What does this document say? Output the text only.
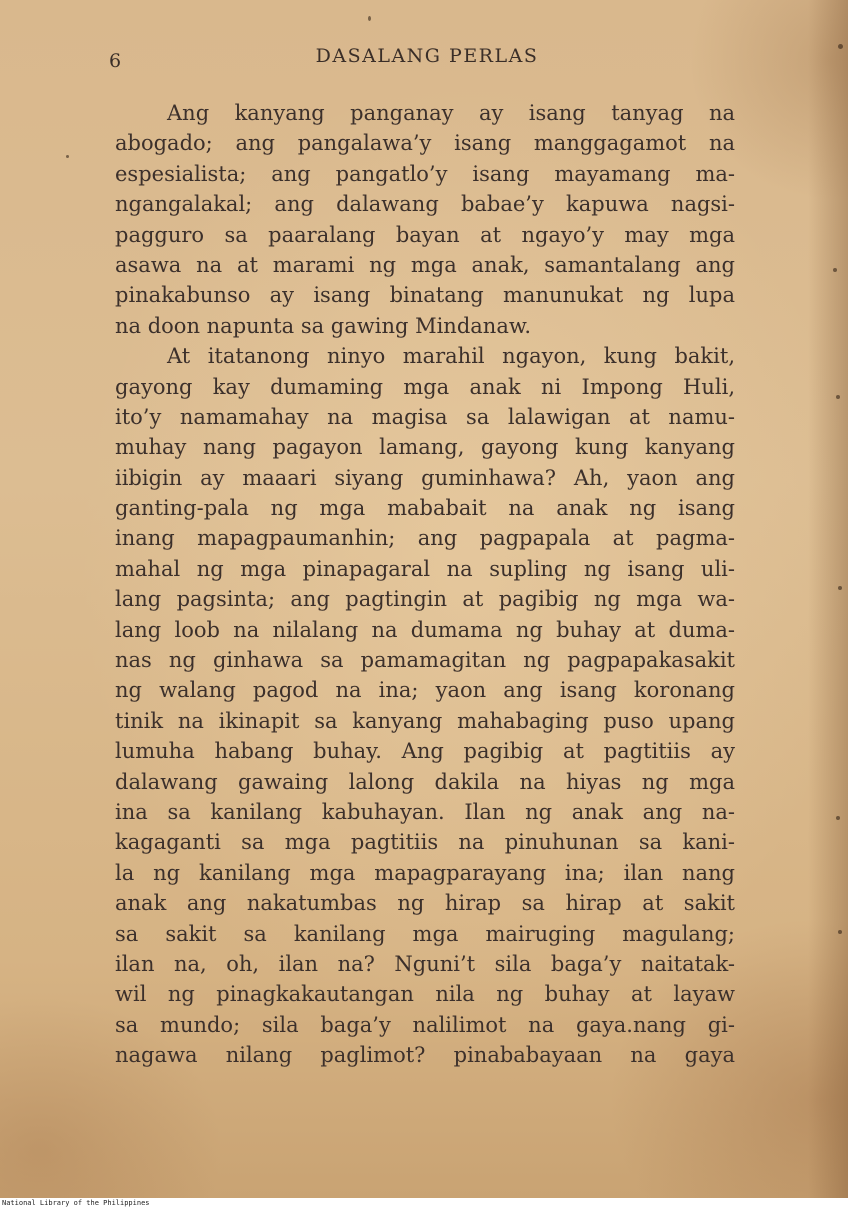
6	DASALANG PERLAS
Ang kanyang panganay ay isang tanyag na
abogado; ang pangalawa’y isang manggagamot na
espesialista; ang pangatlo’y isang mayamang ma-
ngangalakal; ang dalawang babae’y kapuwa nagsi-
pagguro sa paaralang bayan at ngayo’y may mga
asawa na at marami ng mga anak, samantalang ang
pinakabunso ay isang binatang manunukat ng lupa
na doon napunta sa gawing Mindanaw.
At itatanong ninyo marahil ngayon, kung bakit,
gayong kay dumaming mga anak ni Impong Huli,
ito’y namamahay na magisa sa lalawigan at namu-
muhay nang pagayon lamang, gayong kung kanyang
iibigin ay maaari siyang guminhawa? Ah, yaon ang
ganting-pala ng mga mababait na anak ng isang
inang mapagpaumanhin; ang pagpapala at pagma-
mahal ng mga pinapagaral na supling ng isang uli-
lang pagsinta; ang pagtingin at pagibig ng mga wa-
lang loob na nilalang na dumama ng buhay at duma-
nas ng ginhawa sa pamamagitan ng pagpapakasakit
ng walang pagod na ina; yaon ang isang koronang
tinik na ikinapit sa kanyang mahabaging puso upang
lumuha habang buhay. Ang pagibig at pagtitiis ay
dalawang gawaing lalong dakila na hiyas ng mga
ina sa kanilang kabuhayan. Ilan ng anak ang na-
kagaganti sa mga pagtitiis na pinuhunan sa kani-
la ng kanilang mga mapagparayang ina; ilan nang
anak ang nakatumbas ng hirap sa hirap at sakit
sa sakit sa kanilang mga mairuging magulang;
ilan na, oh, ilan na? Nguni’t sila baga’y naitatak-
wil ng pinagkakautangan nila ng buhay at layaw
sa mundo; sila baga’y nalilimot na gaya.nang gi-
nagawa nilang paglimot? pinababayaan na gaya
National Library of the Philippines
